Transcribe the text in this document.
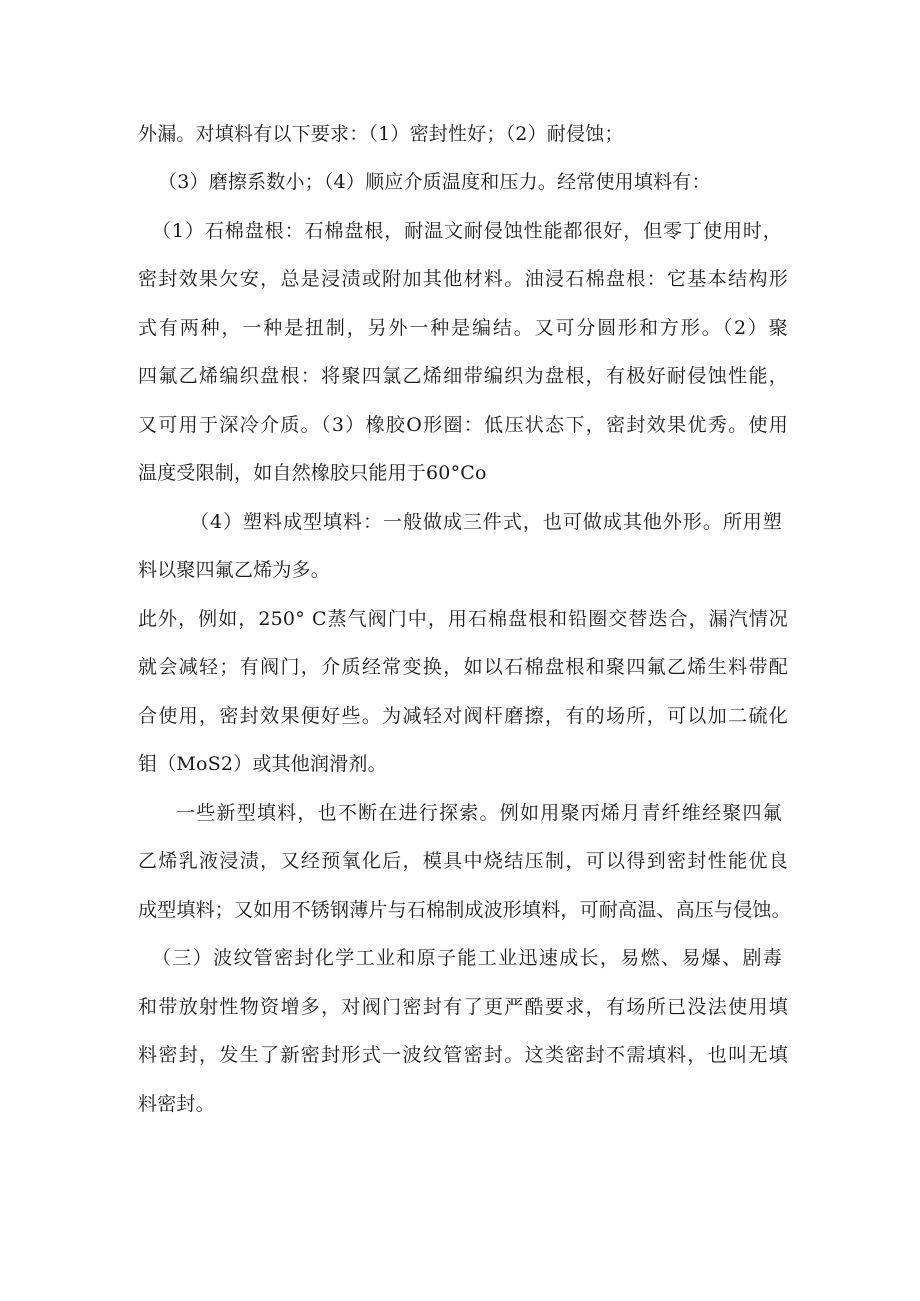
外漏。对填料有以下要求：（1）密封性好；（2）耐侵蚀；
（3）磨擦系数小；（4）顺应介质温度和压力。经常使用填料有：
（1）石棉盘根：石棉盘根，耐温文耐侵蚀性能都很好，但零丁使用时，
密封效果欠安，总是浸渍或附加其他材料。油浸石棉盘根：它基本结构形
式有两种，一种是扭制，另外一种是编结。又可分圆形和方形。（2）聚
四氟乙烯编织盘根：将聚四氯乙烯细带编织为盘根，有极好耐侵蚀性能，
又可用于深冷介质。（3）橡胶O形圈：低压状态下，密封效果优秀。使用
温度受限制，如自然橡胶只能用于60°Co
（4）塑料成型填料：一般做成三件式，也可做成其他外形。所用塑
料以聚四氟乙烯为多。
此外，例如，250° C蒸气阀门中，用石棉盘根和铅圈交替迭合，漏汽情况
就会减轻；有阀门，介质经常变换，如以石棉盘根和聚四氟乙烯生料带配
合使用，密封效果便好些。为减轻对阀杆磨擦，有的场所，可以加二硫化
钼（MoS2）或其他润滑剂。
一些新型填料，也不断在进行探索。例如用聚丙烯月青纤维经聚四氟
乙烯乳液浸渍，又经预氧化后，模具中烧结压制，可以得到密封性能优良
成型填料；又如用不锈钢薄片与石棉制成波形填料，可耐高温、高压与侵蚀。
（三）波纹管密封化学工业和原子能工业迅速成长，易燃、易爆、剧毒
和带放射性物资增多，对阀门密封有了更严酷要求，有场所已没法使用填
料密封，发生了新密封形式一波纹管密封。这类密封不需填料，也叫无填
料密封。
